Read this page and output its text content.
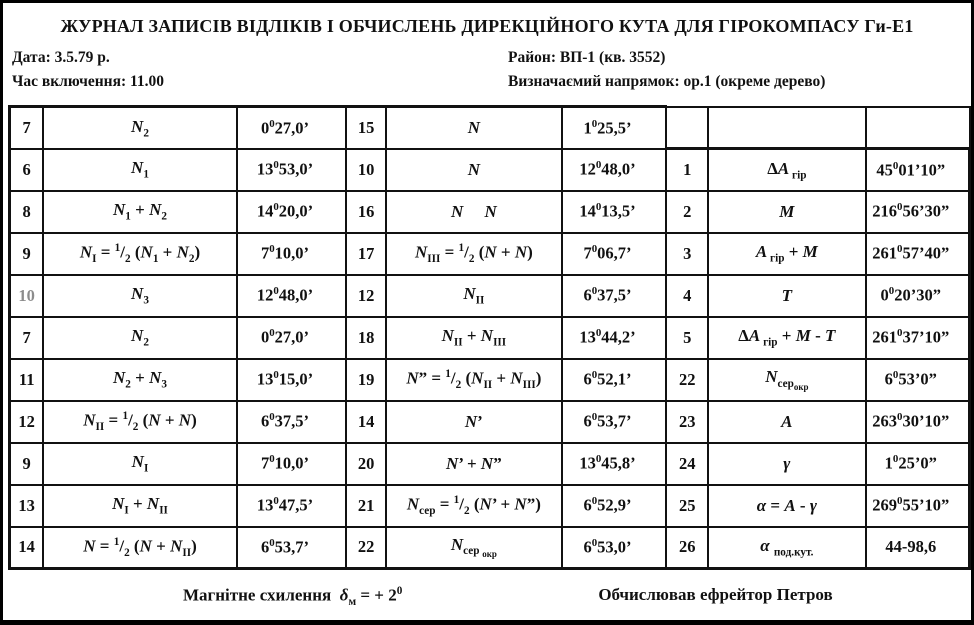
ЖУРНАЛ ЗАПИСІВ ВІДЛІКІВ І ОБЧИСЛЕНЬ ДИРЕКЦІЙНОГО КУТА ДЛЯ ГІРОКОМПАСУ Ги-Е1
Дата: 3.5.79 р.
Час включення: 11.00
Район: ВП-1 (кв. 3552)
Визначаємий напрямок: ор.1 (окреме дерево)
7	$N_2$	$0^027,0$’	15	N	$1^025,5$’			
6	$N_1$	$13^053,0$’	10	N	$12^048,0$’	1	ΔA $_{гір}$	$45^001’10$”
8	$N_1 + N_2$	$14^020,0$’	16	N N	$14^013,5$’	2	M	$216^056’30$”
9	$N_I = ^1/_2$ $(N_1 + N_2)$	$7^010,0$’	17	$N_{III} = ^1/_2$ (N + N)	$7^006,7$’	3	A $_{гір}$ + M	$261^057’40$”
10	$N_3$	$12^048,0$’	12	$N_{II}$	$6^037,5$’	4	T	$0^020’30$”
7	$N_2$	$0^027,0$’	18	$N_{II} + N_{III}$	$13^044,2$’	5	ΔA $_{гір}$ + M - T	$261^037’10$”
11	$N_2 + N_3$	$13^015,0$’	19	N” = $^1/_2$ $(N_{II} + N_{III})$	$6^052,1$’	22	$N_{сер_{окр}}$	$6^053’0$”
12	$N_{II} = ^1/_2$ (N + N)	$6^037,5$’	14	N’	$6^053,7$’	23	A	$263^030’10$”
9	$N_I$	$7^010,0$’	20	N’ + N”	$13^045,8$’	24	γ	$1^025’0$”
13	$N_I + N_{II}$	$13^047,5$’	21	$N_{сер} = ^1/_2$ (N’ + N”)	$6^052,9$’	25	α = A - γ	$269^055’10$”
14	$N = ^1/_2$ $(N + N_{II})$	$6^053,7$’	22	$N_{сер _{окр}}$	$6^053,0$’	26	α $_{под.кут.}$	44-98,6
Магнітне схилення  $\delta_м$ = + $2^0$	Обчислював ефрейтор Петров
